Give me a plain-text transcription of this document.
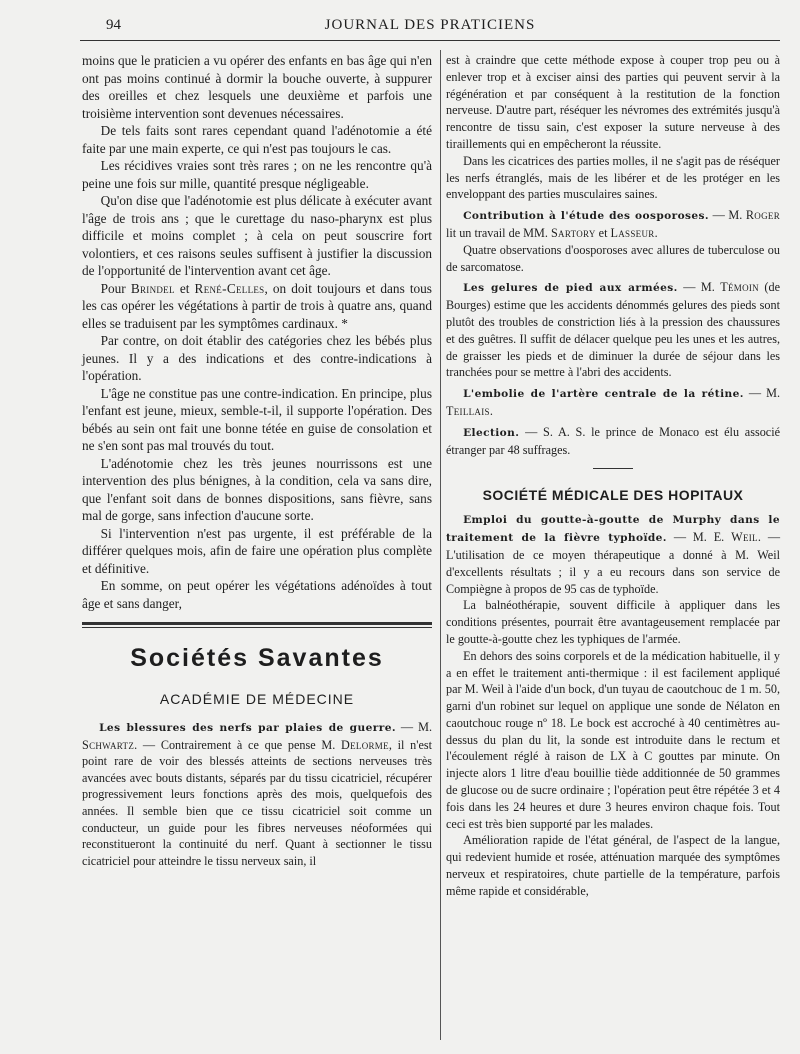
94	JOURNAL DES PRATICIENS

moins que le praticien a vu opérer des enfants en bas âge qui n'en ont pas moins continué à dormir la bouche ouverte, à suppurer des oreilles et chez lesquels une deuxième et parfois une troisième intervention sont devenues nécessaires.

De tels faits sont rares cependant quand l'adénotomie a été faite par une main experte, ce qui n'est pas toujours le cas.

Les récidives vraies sont très rares ; on ne les rencontre qu'à peine une fois sur mille, quantité presque négligeable.

Qu'on dise que l'adénotomie est plus délicate à exécuter avant l'âge de trois ans ; que le curettage du naso-pharynx est plus difficile et moins complet ; à cela on peut souscrire fort volontiers, et ces raisons seules suffisent à justifier la discussion de l'opportunité de l'intervention avant cet âge.

Pour Brindel et René-Celles, on doit toujours et dans tous les cas opérer les végétations à partir de trois à quatre ans, quand elles se traduisent par les symptômes cardinaux. *

Par contre, on doit établir des catégories chez les bébés plus jeunes. Il y a des indications et des contre-indications à l'opération.

L'âge ne constitue pas une contre-indication. En principe, plus l'enfant est jeune, mieux, semble-t-il, il supporte l'opération. Des bébés au sein ont fait une bonne tétée en guise de consolation et ne s'en sont pas mal trouvés du tout.

L'adénotomie chez les très jeunes nourrissons est une intervention des plus bénignes, à la condition, cela va sans dire, que l'enfant soit dans de bonnes dispositions, sans fièvre, sans mal de gorge, sans infection d'aucune sorte.

Si l'intervention n'est pas urgente, il est préférable de la différer quelques mois, afin de faire une opération plus complète et définitive.

En somme, on peut opérer les végétations adénoïdes à tout âge et sans danger,

Sociétés Savantes
ACADÉMIE DE MÉDECINE

Les blessures des nerfs par plaies de guerre. — M. Schwartz. — Contrairement à ce que pense M. Delorme, il n'est point rare de voir des blessés atteints de sections nerveuses très avancées avec bouts distants, séparés par du tissu cicatriciel, récupérer progressivement leurs fonctions après des mois, quelquefois des années. Il semble bien que ce tissu cicatriciel soit comme un conducteur, un guide pour les fibres nerveuses néoformées qui reconstitueront la continuité du nerf. Quant à sectionner le tissu cicatriciel pour atteindre le tissu nerveux sain, il

est à craindre que cette méthode expose à couper trop peu ou à enlever trop et à exciser ainsi des parties qui peuvent servir à la régénération et par conséquent à la restitution de la fonction nerveuse. D'autre part, réséquer les névromes des extrémités jusqu'à rencontre de tissu sain, c'est exposer la suture nerveuse à des tiraillements qui en empêcheront la réussite.

Dans les cicatrices des parties molles, il ne s'agit pas de réséquer les nerfs étranglés, mais de les libérer et de les protéger en les enveloppant des parties musculaires saines.

Contribution à l'étude des oosporoses. — M. Roger lit un travail de MM. Sartory et Lasseur.

Quatre observations d'oosporoses avec allures de tuberculose ou de sarcomatose.

Les gelures de pied aux armées. — M. Témoin (de Bourges) estime que les accidents dénommés gelures des pieds sont plutôt des troubles de constriction liés à la pression des chaussures et des guêtres. Il suffit de délacer quelque peu les unes et les autres, de graisser les pieds et de diminuer la durée de séjour dans les tranchées pour se mettre à l'abri des accidents.

L'embolie de l'artère centrale de la rétine. — M. Teillais.

Election. — S. A. S. le prince de Monaco est élu associé étranger par 48 suffrages.

SOCIÉTÉ MÉDICALE DES HOPITAUX

Emploi du goutte-à-goutte de Murphy dans le traitement de la fièvre typhoïde. — M. E. Weil. — L'utilisation de ce moyen thérapeutique a donné à M. Weil d'excellents résultats ; il y a eu recours dans son service de Compiègne à propos de 95 cas de typhoïde.

La balnéothérapie, souvent difficile à appliquer dans les conditions présentes, pourrait être avantageusement remplacée par le goutte-à-goutte chez les typhiques de l'armée.

En dehors des soins corporels et de la médication habituelle, il y a en effet le traitement anti-thermique : il est facilement appliqué par M. Weil à l'aide d'un bock, d'un tuyau de caoutchouc de 1 m. 50, garni d'un robinet sur lequel on applique une sonde de Nélaton en caoutchouc rouge nº 18. Le bock est accroché à 40 centimètres au-dessus du plan du lit, la sonde est introduite dans le rectum et l'écoulement réglé à raison de LX à C gouttes par minute. On injecte alors 1 litre d'eau bouillie tiède additionnée de 50 grammes de glucose ou de sucre ordinaire ; l'opération peut être répétée 3 et 4 fois dans les 24 heures et dure 3 heures environ chaque fois. Tout ceci est très bien supporté par les malades.

Amélioration rapide de l'état général, de l'aspect de la langue, qui redevient humide et rosée, atténuation marquée des symptômes nerveux et respiratoires, chute partielle de la température, parfois même rapide et considérable,
